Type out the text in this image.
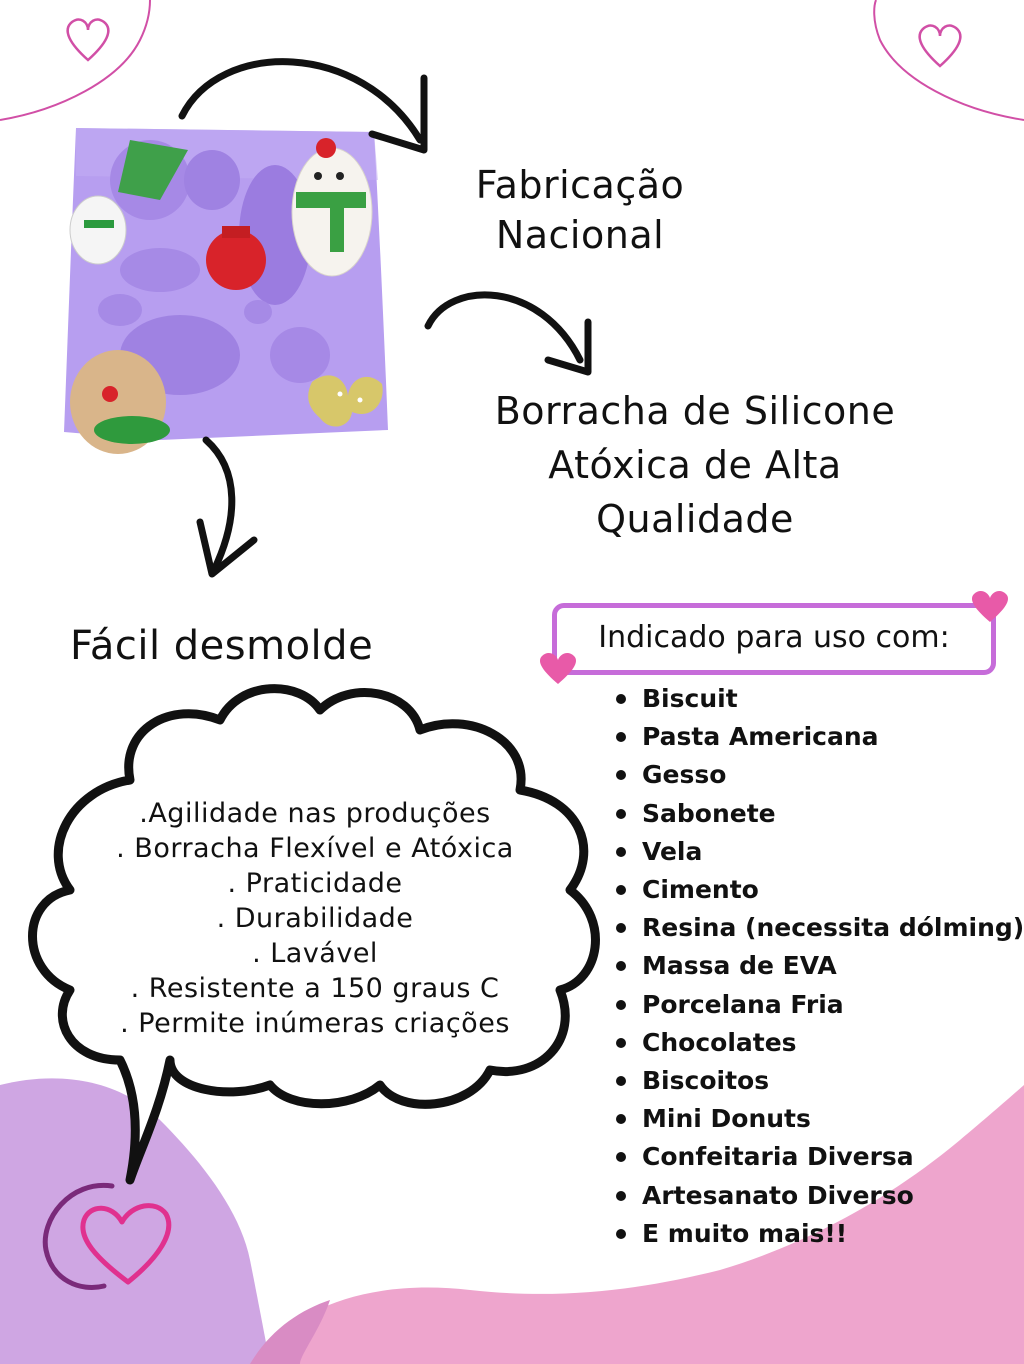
Fabricação
Nacional
Borracha de Silicone
Atóxica de Alta
Qualidade
Fácil desmolde
.Agilidade nas produções
. Borracha Flexível e Atóxica
. Praticidade
. Durabilidade
. Lavável
. Resistente a 150 graus C
. Permite inúmeras criações
Indicado para uso com:
Biscuit
Pasta Americana
Gesso
Sabonete
Vela
Cimento
Resina (necessita dólming)
Massa de EVA
Porcelana Fria
Chocolates
Biscoitos
Mini Donuts
Confeitaria Diversa
Artesanato Diverso
E muito mais!!
